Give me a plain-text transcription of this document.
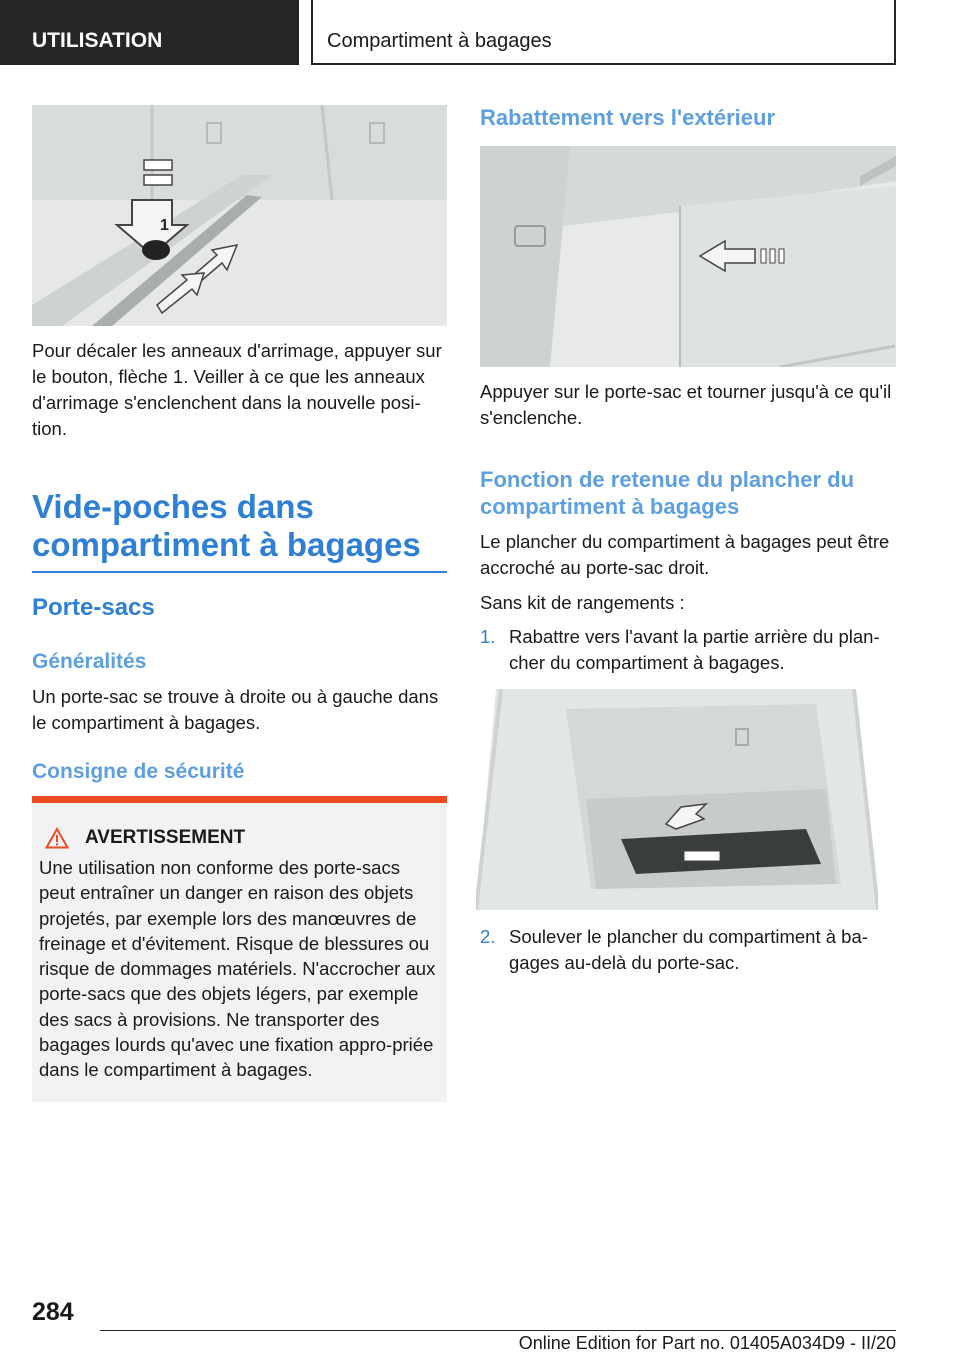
UTILISATION	Compartiment à bagages
1

Pour décaler les anneaux d'arrimage, appuyer sur le bouton, flèche 1. Veiller à ce que les anneaux d'arrimage s'enclenchent dans la nouvelle posi-tion.

Vide-poches dans compartiment à bagages
Porte-sacs
Généralités

Un porte-sac se trouve à droite ou à gauche dans le compartiment à bagages.

Consigne de sécurité
AVERTISSEMENT

Une utilisation non conforme des porte-sacs peut entraîner un danger en raison des objets projetés, par exemple lors des manœuvres de freinage et d'évitement. Risque de blessures ou risque de dommages matériels. N'accrocher aux porte-sacs que des objets légers, par exemple des sacs à provisions. Ne transporter des bagages lourds qu'avec une fixation appro-priée dans le compartiment à bagages.

Rabattement vers l'extérieur

Appuyer sur le porte-sac et tourner jusqu'à ce qu'il s'enclenche.

Fonction de retenue du plancher du compartiment à bagages

Le plancher du compartiment à bagages peut être accroché au porte-sac droit.

Sans kit de rangements :

1. Rabattre vers l'avant la partie arrière du plan-cher du compartiment à bagages.
2. Soulever le plancher du compartiment à ba-gages au-delà du porte-sac.
284
Online Edition for Part no. 01405A034D9 - II/20
